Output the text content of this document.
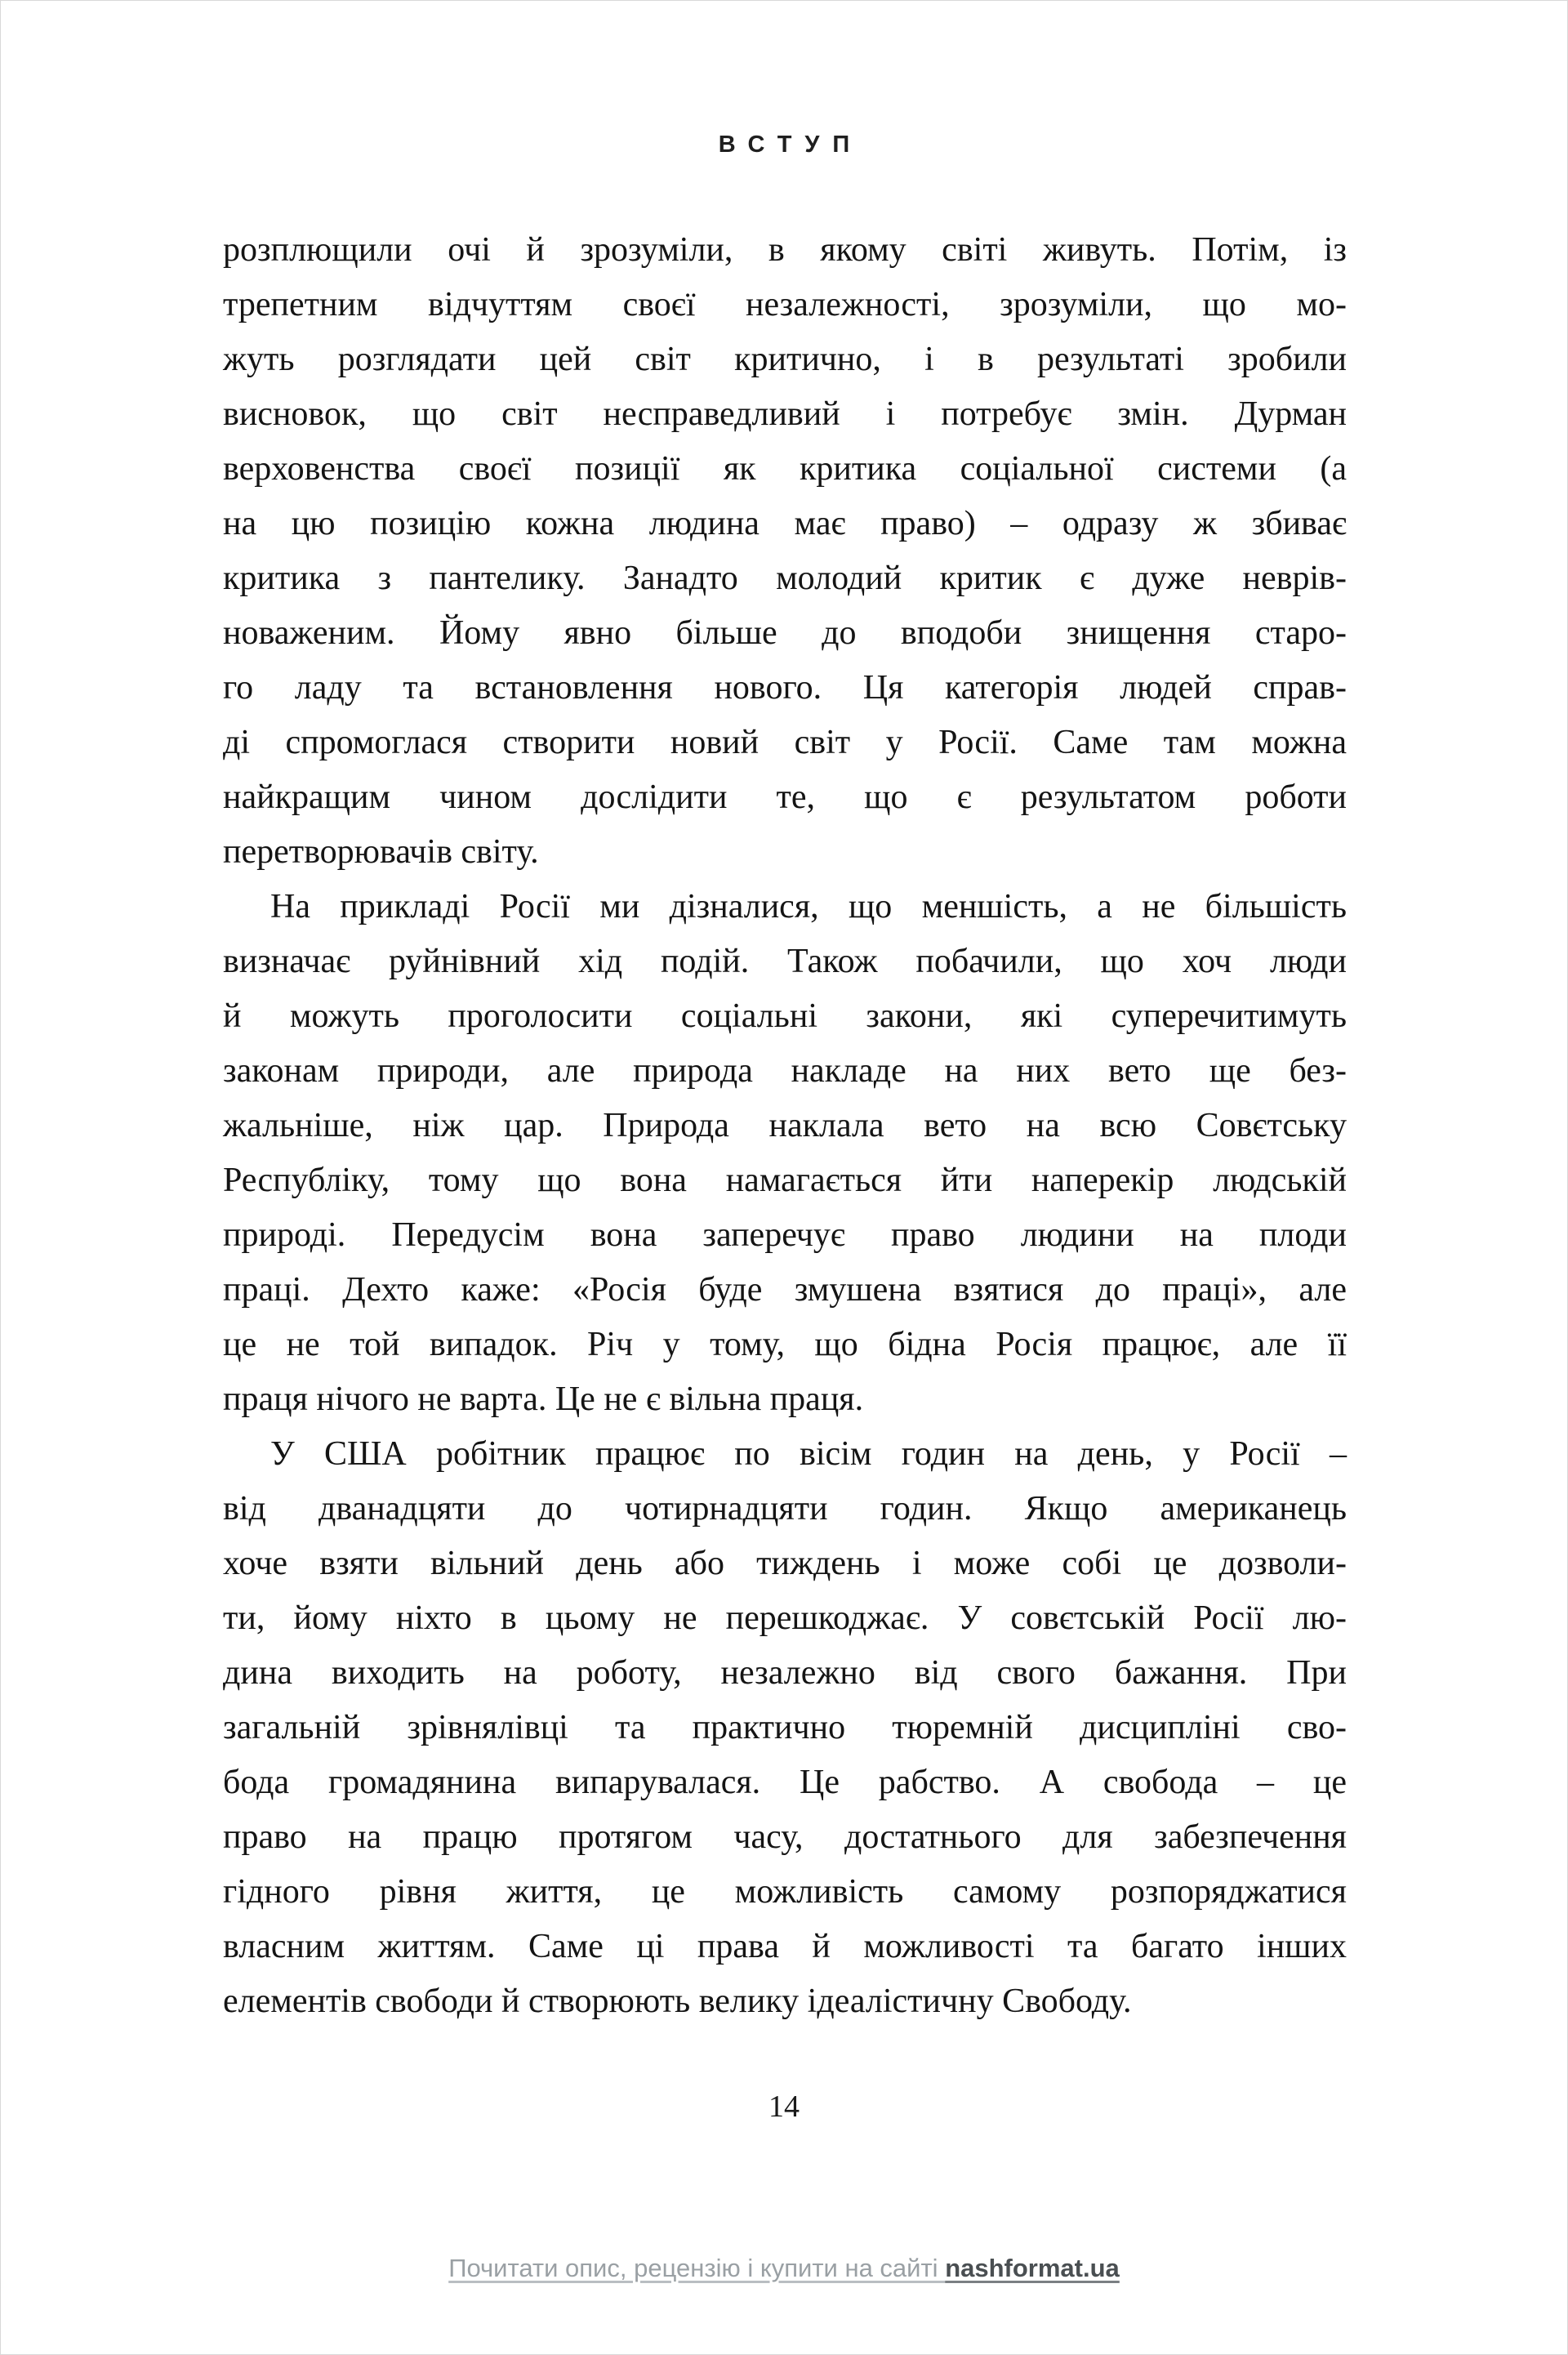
ВСТУП
розплющили очі й зрозуміли, в якому світі живуть. Потім, із
трепетним відчуттям своєї незалежності, зрозуміли, що мо-
жуть розглядати цей світ критично, і в результаті зробили
висновок, що світ несправедливий і потребує змін. Дурман
верховенства своєї позиції як критика соціальної системи (а
на цю позицію кожна людина має право) – одразу ж збиває
критика з пантелику. Занадто молодий критик є дуже неврів-
новаженим. Йому явно більше до вподоби знищення старо-
го ладу та встановлення нового. Ця категорія людей справ-
ді спромоглася створити новий світ у Росії. Саме там можна
найкращим чином дослідити те, що є результатом роботи
перетворювачів світу.
На прикладі Росії ми дізналися, що меншість, а не більшість
визначає руйнівний хід подій. Також побачили, що хоч люди
й можуть проголосити соціальні закони, які суперечитимуть
законам природи, але природа накладе на них вето ще без-
жальніше, ніж цар. Природа наклала вето на всю Совєтську
Республіку, тому що вона намагається йти наперекір людській
природі. Передусім вона заперечує право людини на плоди
праці. Дехто каже: «Росія буде змушена взятися до праці», але
це не той випадок. Річ у тому, що бідна Росія працює, але її
праця нічого не варта. Це не є вільна праця.
У США робітник працює по вісім годин на день, у Росії –
від дванадцяти до чотирнадцяти годин. Якщо американець
хоче взяти вільний день або тиждень і може собі це дозволи-
ти, йому ніхто в цьому не перешкоджає. У совєтській Росії лю-
дина виходить на роботу, незалежно від свого бажання. При
загальній зрівнялівці та практично тюремній дисципліні сво-
бода громадянина випарувалася. Це рабство. А свобода – це
право на працю протягом часу, достатнього для забезпечення
гідного рівня життя, це можливість самому розпоряджатися
власним життям. Саме ці права й можливості та багато інших
елементів свободи й створюють велику ідеалістичну Свободу.
14
Почитати опис, рецензію і купити на сайті nashformat.ua
